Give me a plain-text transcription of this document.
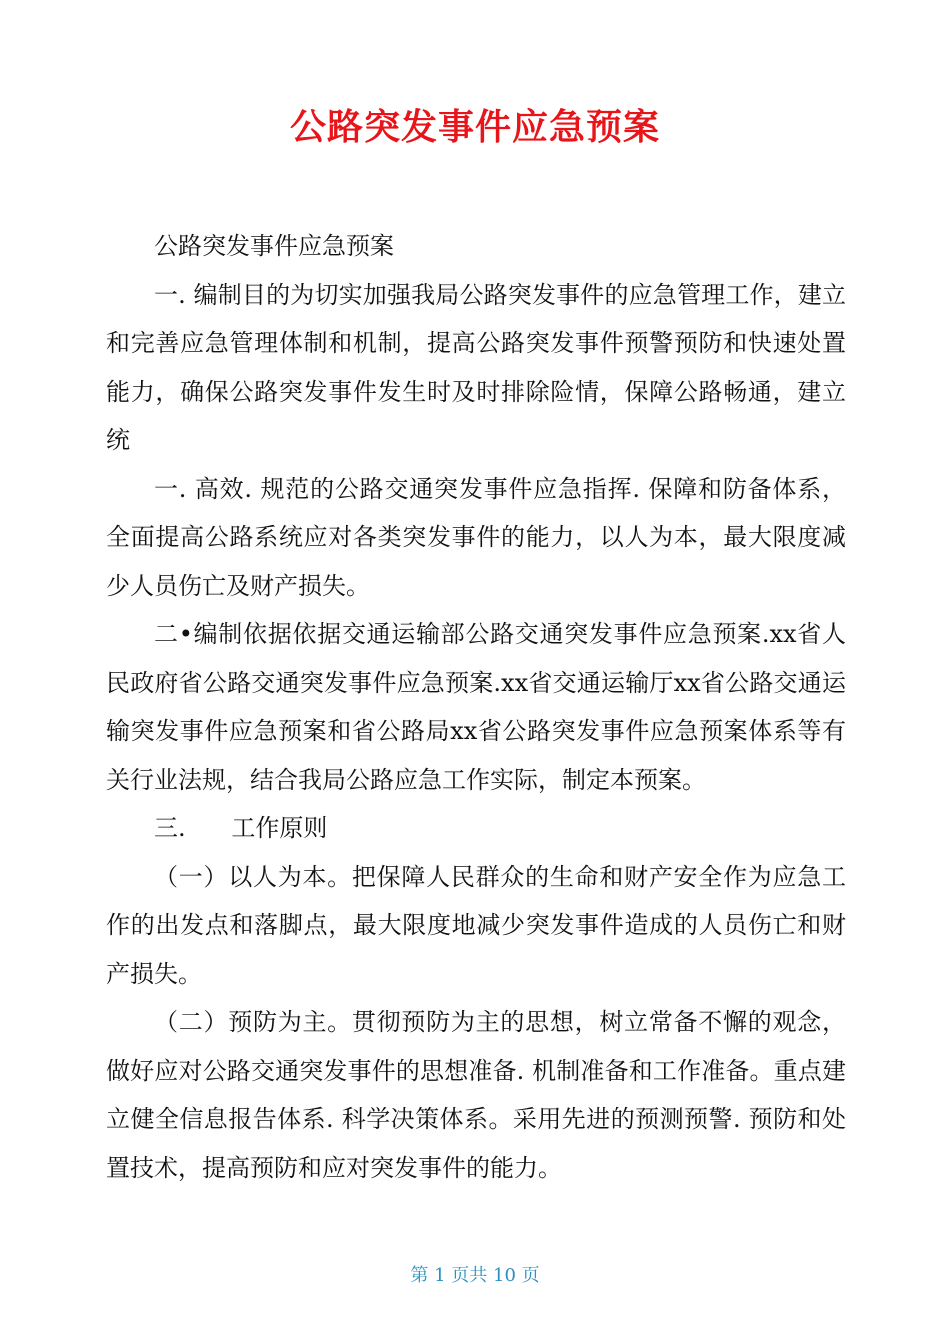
公路突发事件应急预案

公路突发事件应急预案

一. 编制目的为切实加强我局公路突发事件的应急管理工作，建立和完善应急管理体制和机制，提高公路突发事件预警预防和快速处置能力，确保公路突发事件发生时及时排除险情，保障公路畅通，建立统

一. 高效. 规范的公路交通突发事件应急指挥. 保障和防备体系，全面提高公路系统应对各类突发事件的能力，以人为本，最大限度减少人员伤亡及财产损失。

二•编制依据依据交通运输部公路交通突发事件应急预案.xx省人民政府省公路交通突发事件应急预案.xx省交通运输厅xx省公路交通运输突发事件应急预案和省公路局xx省公路突发事件应急预案体系等有关行业法规，结合我局公路应急工作实际，制定本预案。

三.      工作原则

（一）以人为本。把保障人民群众的生命和财产安全作为应急工作的出发点和落脚点，最大限度地减少突发事件造成的人员伤亡和财产损失。

（二）预防为主。贯彻预防为主的思想，树立常备不懈的观念，做好应对公路交通突发事件的思想准备. 机制准备和工作准备。重点建立健全信息报告体系. 科学决策体系。采用先进的预测预警. 预防和处置技术，提高预防和应对突发事件的能力。

第 1 页共 10 页
